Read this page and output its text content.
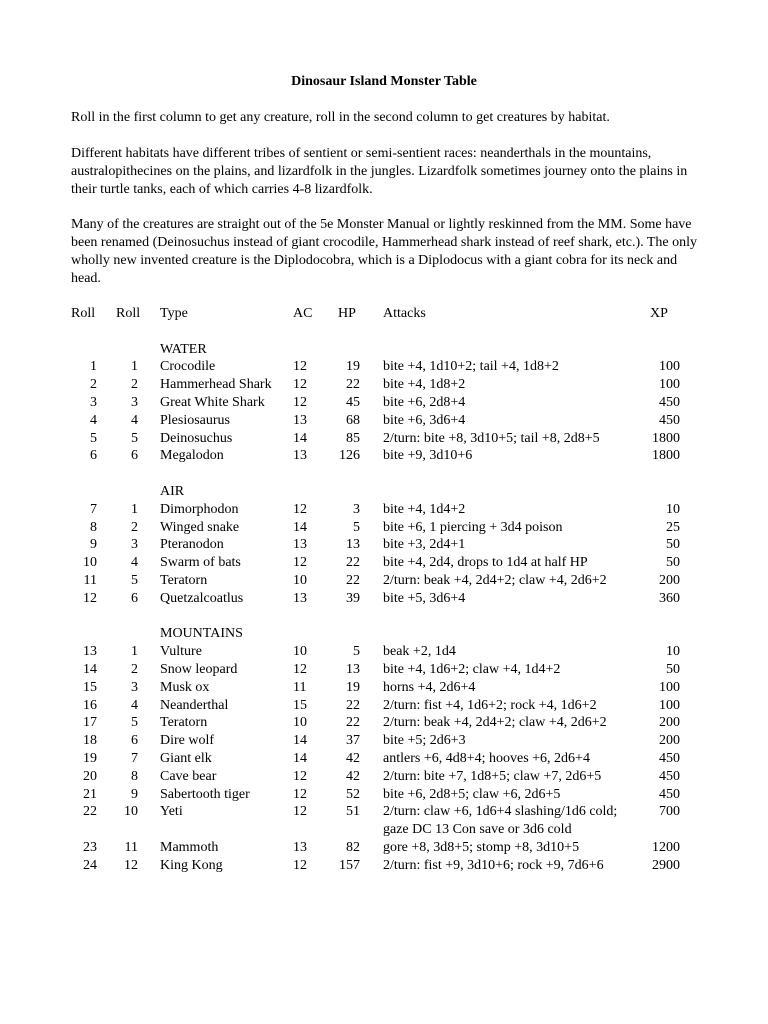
Dinosaur Island Monster Table

Roll in the first column to get any creature, roll in the second column to get creatures by habitat.

Different habitats have different tribes of sentient or semi-sentient races: neanderthals in the mountains, australopithecines on the plains, and lizardfolk in the jungles. Lizardfolk sometimes journey onto the plains in their turtle tanks, each of which carries 4-8 lizardfolk.

Many of the creatures are straight out of the 5e Monster Manual or lightly reskinned from the MM. Some have been renamed (Deinosuchus instead of giant crocodile, Hammerhead shark instead of reef shark, etc.). The only wholly new invented creature is the Diplodocobra, which is a Diplodocus with a giant cobra for its neck and head.

Roll Roll Type	AC HP Attacks	XP
WATER
1	1 Crocodile	12	19 bite +4, 1d10+2; tail +4, 1d8+2	100
2	2 Hammerhead Shark 12	22 bite +4, 1d8+2	100
3	3 Great White Shark 12	45 bite +6, 2d8+4	450
4	4 Plesiosaurus	13	68 bite +6, 3d6+4	450
5	5 Deinosuchus	14	85 2/turn: bite +8, 3d10+5; tail +8, 2d8+5	1800
6	6 Megalodon	13	126 bite +9, 3d10+6	1800
AIR
7	1 Dimorphodon	12	3 bite +4, 1d4+2	10
8	2 Winged snake	14	5 bite +6, 1 piercing + 3d4 poison	25
9	3 Pteranodon	13	13 bite +3, 2d4+1	50
10	4 Swarm of bats	12	22 bite +4, 2d4, drops to 1d4 at half HP	50
11	5 Teratorn	10	22 2/turn: beak +4, 2d4+2; claw +4, 2d6+2	200
12	6 Quetzalcoatlus	13	39 bite +5, 3d6+4	360
MOUNTAINS
13	1 Vulture	10	5 beak +2, 1d4	10
14	2 Snow leopard	12	13 bite +4, 1d6+2; claw +4, 1d4+2	50
15	3 Musk ox	11	19 horns +4, 2d6+4	100
16	4 Neanderthal	15	22 2/turn: fist +4, 1d6+2; rock +4, 1d6+2	100
17	5 Teratorn	10	22 2/turn: beak +4, 2d4+2; claw +4, 2d6+2	200
18	6 Dire wolf	14	37 bite +5; 2d6+3	200
19	7 Giant elk	14	42 antlers +6, 4d8+4; hooves +6, 2d6+4	450
20	8 Cave bear	12	42 2/turn: bite +7, 1d8+5; claw +7, 2d6+5	450
21	9 Sabertooth tiger	12	52 bite +6, 2d8+5; claw +6, 2d6+5	450
22	10 Yeti	12	51 2/turn: claw +6, 1d6+4 slashing/1d6 cold;	700
gaze DC 13 Con save or 3d6 cold
23	11 Mammoth	13	82 gore +8, 3d8+5; stomp +8, 3d10+5	1200
24	12 King Kong	12	157 2/turn: fist +9, 3d10+6; rock +9, 7d6+6	2900
